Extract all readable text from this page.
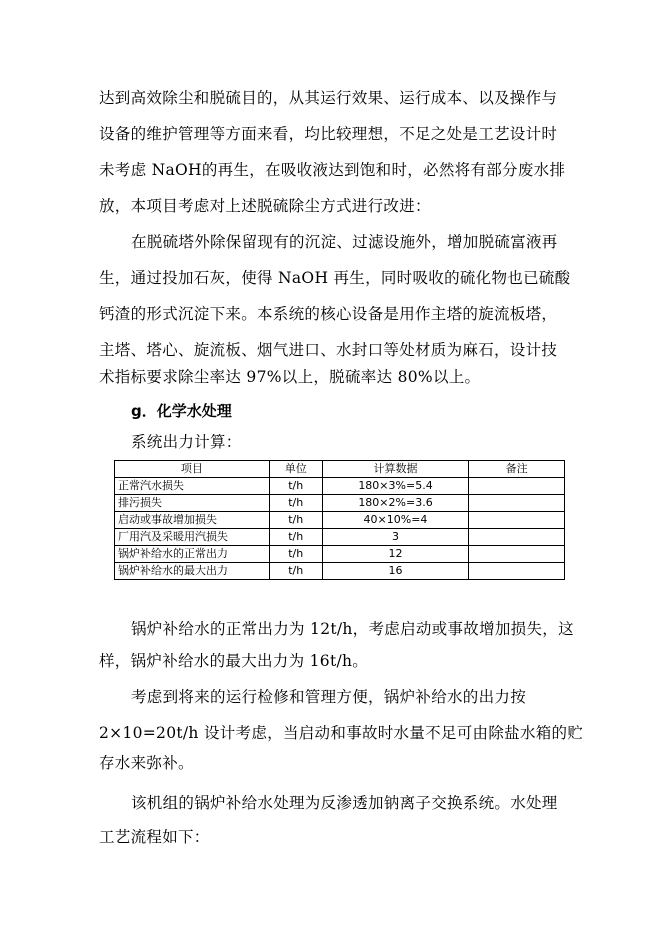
达到高效除尘和脱硫目的，从其运行效果、运行成本、以及操作与
设备的维护管理等方面来看，均比较理想，不足之处是工艺设计时
未考虑 NaOH的再生，在吸收液达到饱和时，必然将有部分废水排
放，本项目考虑对上述脱硫除尘方式进行改进：
在脱硫塔外除保留现有的沉淀、过滤设施外，增加脱硫富液再
生，通过投加石灰，使得 NaOH 再生，同时吸收的硫化物也已硫酸
钙渣的形式沉淀下来。本系统的核心设备是用作主塔的旋流板塔，
主塔、塔心、旋流板、烟气进口、水封口等处材质为麻石，设计技
术指标要求除尘率达 97%以上，脱硫率达 80%以上。
g．化学水处理
系统出力计算：
项目	单位	计算数据	备注
正常汽水损失	t/h	180×3%=5.4	
排污损失	t/h	180×2%=3.6	
启动或事故增加损失	t/h	40×10%=4	
厂用汽及采暖用汽损失	t/h	3	
锅炉补给水的正常出力	t/h	12	
锅炉补给水的最大出力	t/h	16	
锅炉补给水的正常出力为 12t/h，考虑启动或事故增加损失，这
样，锅炉补给水的最大出力为 16t/h。
考虑到将来的运行检修和管理方便，锅炉补给水的出力按
2×10=20t/h 设计考虑，当启动和事故时水量不足可由除盐水箱的贮
存水来弥补。
该机组的锅炉补给水处理为反渗透加钠离子交换系统。水处理
工艺流程如下：
